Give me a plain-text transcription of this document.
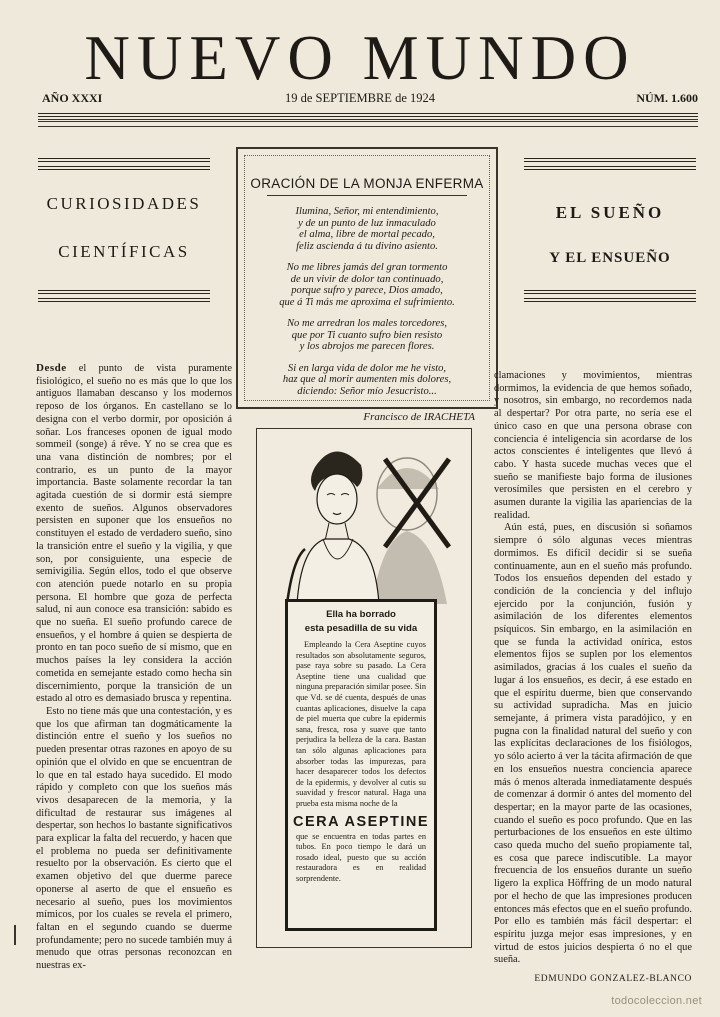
NUEVO MUNDO
AÑO XXXI	19 de SEPTIEMBRE de 1924	NÚM. 1.600
CURIOSIDADES
CIENTÍFICAS
EL SUEÑO
Y EL ENSUEÑO
ORACIÓN DE LA MONJA ENFERMA
Ilumina, Señor, mi entendimiento,
y de un punto de luz inmaculado
el alma, libre de mortal pecado,
feliz ascienda á tu divino asiento.
No me libres jamás del gran tormento
de un vivir de dolor tan continuado,
porque sufro y parece, Dios amado,
que á Ti más me aproxima el sufrimiento.
No me arredran los males torcedores,
que por Ti cuanto sufro bien resisto
y los abrojos me parecen flores.
Si en larga vida de dolor me he visto,
haz que al morir aumenten mis dolores,
diciendo: Señor mío Jesucristo...
Francisco de IRACHETA

Desde el punto de vista puramente fisiológico, el sueño no es más que lo que los antiguos llamaban descanso y los modernos reposo de los órganos. En castellano se lo designa con el verbo dormir, por oposición á soñar. Los franceses oponen de igual modo sommeil (songe) á rêve. Y no se crea que es una vana distinción de nombres; por el contrario, es un punto de la mayor importancia. Baste solamente recordar la tan agitada cuestión de si dormir está siempre exento de sueños. Algunos observadores persisten en suponer que los ensueños no constituyen el estado de verdadero sueño, sino la transición entre el sueño y la vigilia, y que son, por consiguiente, una especie de semivigilia. Según ellos, todo el que observe con atención puede notarlo en su propia persona. El hombre que goza de perfecta salud, ni aun conoce esa transición: sabido es que no sueña. El sueño profundo carece de ensueños, y el hombre á quien se despierta de pronto en tan poco sueño de sí mismo, que en muchos países la ley considera la acción cometida en semejante estado como hecha sin discernimiento, porque la transición de un estado al otro es demasiado brusca y repentina.

Esto no tiene más que una contestación, y es que los que afirman tan dogmáticamente la distinción entre el sueño y los sueños no pueden presentar otras razones en apoyo de su opinión que el olvido en que se encuentran de lo que en tal estado haya sucedido. El modo rápido y completo con que los sueños más vivos desaparecen de la memoria, y la dificultad de restaurar sus imágenes al despertar, son hechos lo bastante significativos para explicar la falta del recuerdo, y hacen que el problema no pueda ser definitivamente resuelto por la observación. Es cierto que el examen objetivo del que duerme parece oponerse al aserto de que el ensueño es necesario al sueño, pues los movimientos mímicos, por los cuales se revela el primero, faltan en el segundo cuando se duerme profundamente; pero no sucede también muy á menudo que otras personas reconozcan en nuestras ex-

Ella ha borrado
esta pesadilla de su vida

Empleando la Cera Aseptine cuyos resultados son absolutamente seguros, pase raya sobre su pasado. La Cera Aseptine tiene una cualidad que ninguna preparación similar posee. Sin que Vd. se dé cuenta, después de unas cuantas aplicaciones, disuelve la capa de piel muerta que cubre la epidermis sana, fresca, rosa y suave que tanto perjudica la belleza de la cara. Bastan tan sólo algunas aplicaciones para absorber todas las impurezas, para hacer desaparecer todos los defectos de la epidermis, y devolver al cutis su suavidad y frescor natural. Haga una prueba esta misma noche de la

CERA ASEPTINE

que se encuentra en todas partes en tubos. En poco tiempo le dará un rosado ideal, puesto que su acción restauradora es en realidad sorprendente.

clamaciones y movimientos, mientras dormimos, la evidencia de que hemos soñado, y nosotros, sin embargo, no recordemos nada al despertar? Por otra parte, no sería ese el único caso en que una persona obrase con conciencia é inteligencia sin acordarse de los actos conscientes é inteligentes que llevó á cabo. Y hasta sucede muchas veces que el sueño se manifieste bajo forma de ilusiones verosímiles que persisten en el cerebro y asumen durante la vigilia las apariencias de la realidad.

Aún está, pues, en discusión si soñamos siempre ó sólo algunas veces mientras dormimos. Es difícil decidir si se sueña continuamente, aun en el sueño más profundo. Todos los ensueños dependen del estado y condición de la conciencia y del influjo ejercido por la conjunción, fusión y asimilación de los diferentes elementos psíquicos. Sin embargo, en la asimilación en que se funda la actividad onírica, estos elementos fijos se suplen por los elementos asimilados, gracias á los cuales el sueño da lugar á los ensueños, es decir, á ese estado en que el espíritu duerme, bien que conservando su actividad supradicha. Mas en juicio semejante, á primera vista paradójico, y en pugna con la finalidad natural del sueño y con las explícitas declaraciones de los fisiólogos, yo sólo acierto á ver la tácita afirmación de que en los ensueños nuestra conciencia aparece más ó menos alterada inmediatamente después de comenzar á dormir ó antes del momento del despertar; en la mayor parte de las ocasiones, cuando el sueño es poco profundo. Que en las perturbaciones de los ensueños en este último caso queda mucho del sueño propiamente tal, es cosa que parece indiscutible. La mayor frecuencia de los ensueños durante un sueño ligero la explica Höffring de un modo natural por el hecho de que las impresiones producen entonces más efectos que en el sueño profundo. Por ello es también más fácil despertar: el espíritu juzga mejor esas impresiones, y en virtud de estos juicios despierta ó no el que sueña.

EDMUNDO GONZALEZ-BLANCO
todocoleccion.net
